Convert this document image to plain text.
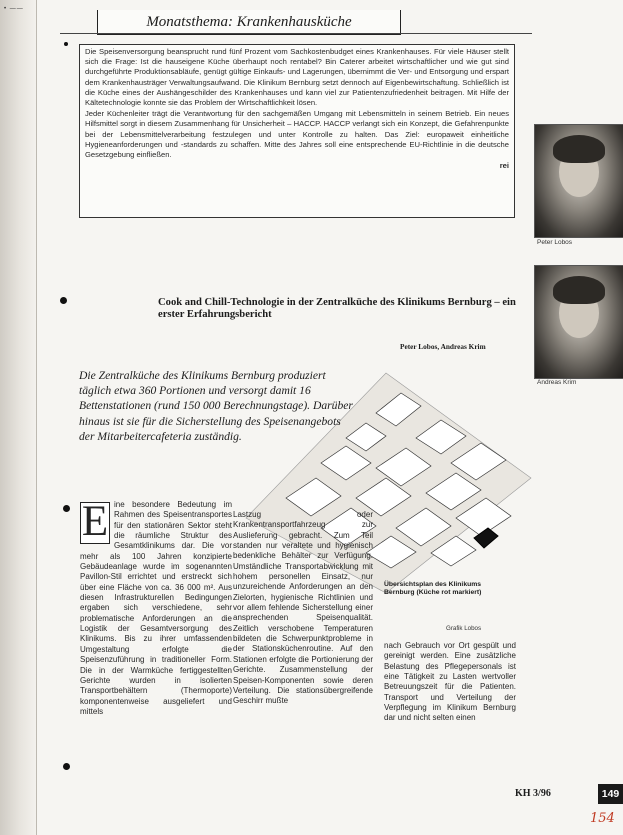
• ——
Monatsthema: Krankenhausküche

Die Speisenversorgung beansprucht rund fünf Prozent vom Sachkostenbudget eines Krankenhauses. Für viele Häuser stellt sich die Frage: Ist die hauseigene Küche überhaupt noch rentabel? Bin Caterer arbeitet wirtschaftlicher und wie gut sind durchgeführte Produktionsabläufe, genügt gültige Einkaufs- und Lagerungen, übernimmt die Ver- und Entsorgung und erspart dem Krankenhausträger Verwaltungsaufwand. Die Klinikum Bernburg setzt dennoch auf Eigenbewirtschaftung. Schließlich ist die Küche eines der Aushängeschilder des Krankenhauses und kann viel zur Patientenzufriedenheit beitragen. Mit Hilfe der Kältetechnologie konnte sie das Problem der Wirtschaftlichkeit lösen.

Jeder Küchenleiter trägt die Verantwortung für den sachgemäßen Umgang mit Lebensmitteln in seinem Betrieb. Ein neues Hilfsmittel sorgt in diesem Zusammenhang für Unsicherheit – HACCP. HACCP verlangt sich ein Konzept, die Gefahrenpunkte bei der Lebensmittelverarbeitung festzulegen und unter Kontrolle zu halten. Das Ziel: europaweit einheitliche Hygieneanforderungen und -standards zu schaffen. Mitte des Jahres soll eine entsprechende EU-Richtlinie in die deutsche Gesetzgebung einfließen.

rei

Peter Lobos
Andreas Krim
Cook and Chill-Technologie in der Zentralküche des Klinikums Bernburg – ein erster Erfahrungsbericht
Peter Lobos, Andreas Krim
Übersichtsplan des Klinikums Bernburg (Küche rot markiert)
Grafik Lobos
Die Zentralküche des Klinikums Bernburg produziert täglich etwa 360 Portionen und versorgt damit 16 Bettenstationen (rund 150 000 Berechnungstage). Darüber hinaus ist sie für die Sicherstellung des Speisenangebots der Mitarbeitercafeteria zuständig.
E ine besondere Bedeutung im Rahmen des Speisentransportes für den stationären Sektor steht die räumliche Struktur des Gesamtklinikums dar. Die vor mehr als 100 Jahren konzipierte Gebäudeanlage wurde im sogenannten Pavillon-Stil errichtet und erstreckt sich über eine Fläche von ca. 36 000 m². Aus diesen Infrastrukturellen Bedingungen ergaben sich verschiedene, sehr problematische Anforderungen an die Logistik der Gesamtversorgung des Klinikums. Bis zu ihrer umfassenden Umgestaltung erfolgte die Speisenzuführung in traditioneller Form. Die in der Warmküche fertiggestellten Gerichte wurden in isolierten Transportbehältern (Thermoporte) komponentenweise ausgeliefert und mittels

Lastzug oder Krankentransportfahrzeug zur Auslieferung gebracht. Zum Teil standen nur veraltete und hygienisch bedenkliche Behälter zur Verfügung. Umständliche Transportabwicklung mit hohem personellen Einsatz, nur unzureichende Anforderungen an den Zielorten, hygienische Richtlinien und vor allem fehlende Sicherstellung einer ansprechenden Speisenqualität. Zeitlich verschobene Temperaturen bildeten die Schwerpunktprobleme in der Stationsküchenroutine. Auf den Stationen erfolgte die Portionierung der Gerichte. Zusammenstellung der Speisen-Komponenten sowie deren Verteilung. Die stationsübergreifende Geschirr mußte

nach Gebrauch vor Ort gespült und gereinigt werden. Eine zusätzliche Belastung des Pflegepersonals ist eine Tätigkeit zu Lasten wertvoller Betreuungszeit für die Patienten. Transport und Verteilung der Verpflegung im Klinikum Bernburg dar und nicht selten einen

KH 3/96	149
154
